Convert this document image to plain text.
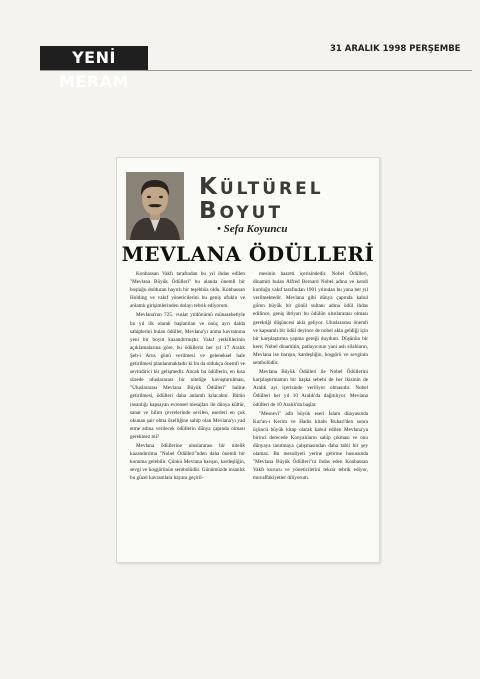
YENİ MERAM
31 ARALIK 1998 PERŞEMBE
KÜLTÜREL
BOYUT
• Sefa Koyuncu
MEVLANA ÖDÜLLERİ

Konbassan Vakfı tarafından bu yıl ihdas edilen "Mevlana Büyük Ödülleri" bu alanda önemli bir boşluğu dolduran hayırlı bir teşebbüs oldu. Konbassan Holding ve vakıf yöneticilerini bu geniş ufuklu ve anlamlı girişimlerinden dolayı tebrik ediyorum.

Mevlana'nın 725. vuslat yıldönümü münasebetiyle bu yıl ilk olarak başlanılan ve onüç ayrı dalda sahiplerini bulan ödüller, Mevlana'yı anma kavramına yeni bir boyut kazandırmıştır. Vakıf yetkililerinin açıklamalarına göre, bu ödüllerin her yıl 17 Aralık Şeb-i Arus günü verilmesi ve geleneksel hale getirilmesi planlanmaktadır ki bu da oldukça önemli ve sevindirici bir gelişmedir. Ancak bu ödüllerin, en kısa sürede uluslararası bir niteliğe kavuşturulması, "Uluslararası Mevlana Büyük Ödülleri" haline getirilmesi, ödülleri daha anlamlı kılacaktır. Bütün insanlığı kapsayan evrensel mesajları ile dünya kültür, sanat ve bilim çevrelerinde sevilen, eserleri en çok okunan şair olma özelliğine sahip olan Mevlana'yı yad etme adına verilecek ödüllerin dünya çapında olması gerekmez mi?

Mevlana ödüllerine uluslararası bir nitelik kazandırılma "Nobel Ödülleri"nden daha önemli bir konuma gelebilir. Çünkü Mevlana barışın, kardeşliğin, sevgi ve hoşgörünün sembolüdür. Günümüzde insanlık bu güzel kavramlara hayata geçiril-

mesinin hasreti içerisindedir. Nobel Ödülleri, dinamiti bulan Alfred Bernard Nobel adına ve kendi kurduğu vakıf tarafından 1901 yılından bu yana her yıl verilmektedir. Mevlana gibi dünya çapında kabul gören büyük bir gönül sultanı adına ödül ihdas edilince, geniş ihtiyarı bu ödülün uluslararası olması gerektiği düşüncesi akla geliyor. Uluslararası önemli ve kapsamlı bir ödül deyince de nobel akla geldiği için bir karşılaştırma yapma gereği duydum. Düşünün bir kere; Nobel dinamitin, patlayıcının yani aslı silahların, Mevlana ise barışın, kardeşliğin, hoşgörü ve sevginin sembolüdür.

Mevlana Büyük Ödülleri ile Nobel Ödüllerini karşılaştırmamın bir başka sebebi de her ikisinin de Aralık ayı içerisinde veriliyor olmasıdır. Nobel Ödülleri her yıl 10 Aralık'da dağıtılıyor. Mevlana ödülleri de 10 Aralık'da başlar.

"Mesnevi" adlı büyük eseri İslam dünyasında Kur'an-ı Kerim ve Hadis kitabı Buhari'den sonra üçüncü büyük kitap olarak kabul edilen Mevlana'ya birinci derecede Konyalıların sahip çıkması ve onu dünyaya tanıtmaya çalışmasından daha tabii bir şey olamaz. Bu mesuliyeti yerine getirme hususunda "Mevlana Büyük Ödülleri"ni ihdas eden Konbassan Vakfı kurucu ve yöneticilerini tekrar tebrik ediyor, muvaffakiyetler diliyorum.
